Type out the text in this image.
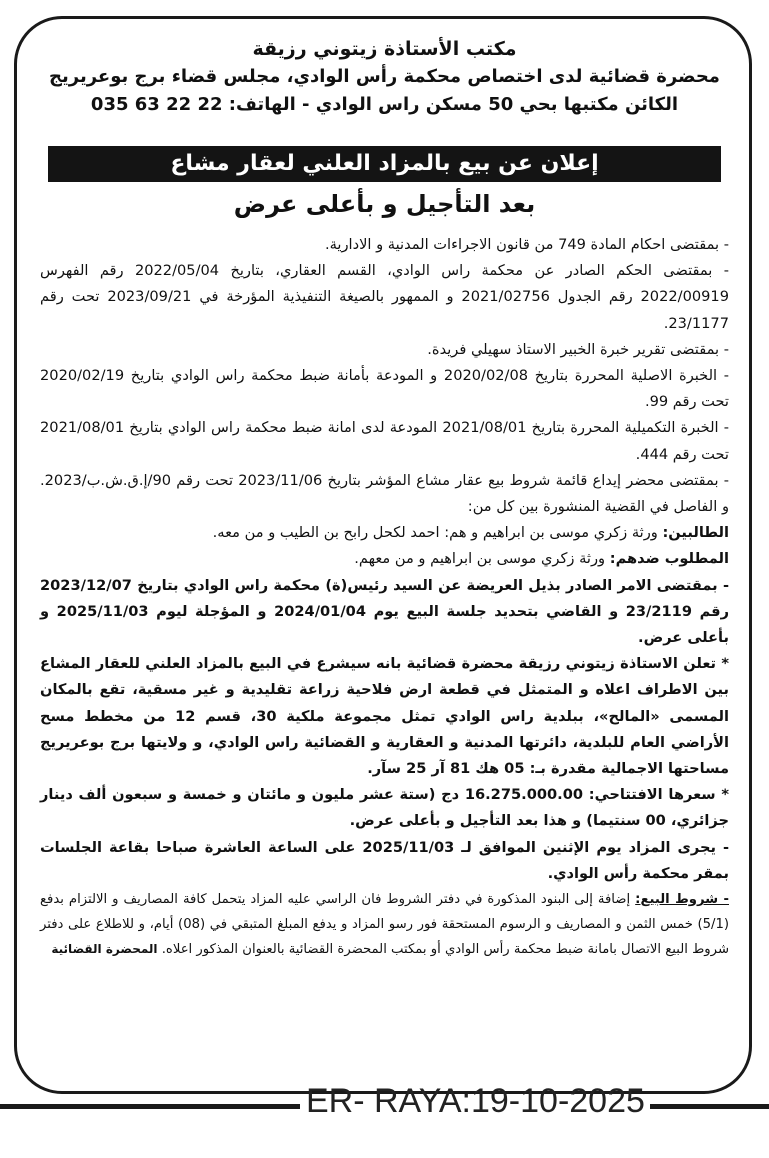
مكتب الأستاذة زيتوني رزيقة
محضرة قضائية لدى اختصاص محكمة رأس الوادي، مجلس قضاء برج بوعريريج
الكائن مكتبها بحي 50 مسكن راس الوادي - الهاتف: 22 22 63 035
إعلان عن بيع بالمزاد العلني لعقار مشاع
بعد التأجيل و بأعلى عرض

- بمقتضى احكام المادة 749 من قانون الاجراءات المدنية و الادارية.

- بمقتضى الحكم الصادر عن محكمة راس الوادي، القسم العقاري، بتاريخ 2022/05/04 رقم الفهرس 2022/00919 رقم الجدول 2021/02756 و الممهور بالصيغة التنفيذية المؤرخة في 2023/09/21 تحت رقم 23/1177.

- بمقتضى تقرير خبرة الخبير الاستاذ سهيلي فريدة.

- الخبرة الاصلية المحررة بتاريخ 2020/02/08 و المودعة بأمانة ضبط محكمة راس الوادي بتاريخ 2020/02/19 تحت رقم 99.

- الخبرة التكميلية المحررة بتاريخ 2021/08/01 المودعة لدى امانة ضبط محكمة راس الوادي بتاريخ 2021/08/01 تحت رقم 444.

- بمقتضى محضر إيداع قائمة شروط بيع عقار مشاع المؤشر بتاريخ 2023/11/06 تحت رقم 90/إ.ق.ش.ب/2023. و الفاصل في القضية المنشورة بين كل من:

الطالبين: ورثة زكري موسى بن ابراهيم و هم: احمد لكحل رابح بن الطيب و من معه.

المطلوب ضدهم: ورثة زكري موسى بن ابراهيم و من معهم.

- بمقتضى الامر الصادر بذيل العريضة عن السيد رئيس(ة) محكمة راس الوادي بتاريخ 2023/12/07 رقم 23/2119 و القاضي بتحديد جلسة البيع يوم 2024/01/04 و المؤجلة ليوم 2025/11/03 و بأعلى عرض.

* تعلن الاستاذة زيتوني رزيقة محضرة قضائية بانه سيشرع في البيع بالمزاد العلني للعقار المشاع بين الاطراف اعلاه و المتمثل في قطعة ارض فلاحية زراعة تقليدية و غير مسقية، تقع بالمكان المسمى «المالح»، ببلدية راس الوادي تمثل مجموعة ملكية 30، قسم 12 من مخطط مسح الأراضي العام للبلدية، دائرتها المدنية و العقارية و القضائية راس الوادي، و ولايتها برج بوعريريج مساحتها الاجمالية مقدرة بـ: 05 هك 81 آر 25 سآر.

* سعرها الافتتاحي: 16.275.000.00 دج (ستة عشر مليون و مائتان و خمسة و سبعون ألف دينار جزائري، 00 سنتيما) و هذا بعد التأجيل و بأعلى عرض.

- يجرى المزاد يوم الإثنين الموافق لـ 2025/11/03 على الساعة العاشرة صباحا بقاعة الجلسات بمقر محكمة رأس الوادي.

- شروط البيع: إضافة إلى البنود المذكورة في دفتر الشروط فان الراسي عليه المزاد يتحمل كافة المصاريف و الالتزام بدفع (5/1) خمس الثمن و المصاريف و الرسوم المستحقة فور رسو المزاد و يدفع المبلغ المتبقي في (08) أيام، و للاطلاع على دفتر شروط البيع الاتصال بامانة ضبط محكمة رأس الوادي أو بمكتب المحضرة القضائية بالعنوان المذكور اعلاه. المحضرة القضائية

ER- RAYA:19-10-2025
